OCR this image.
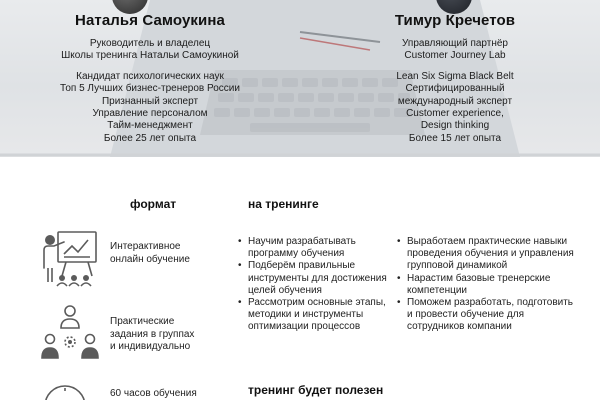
Наталья Самоукина
Руководитель и владелец
Школы тренинга Натальи Самоукиной
Кандидат психологических наук
Топ 5 Лучших бизнес-тренеров России
Признанный эксперт
Управление персоналом
Тайм-менеджмент
Более 25 лет опыта
Тимур Кречетов
Управляющий партнёр
Customer Journey Lab
Lean Six Sigma Black Belt
Сертифицированный
международный эксперт
Customer experience,
Design thinking
Более 15 лет опыта
формат	на тренинге
тренинг будет полезен
Интерактивное
онлайн обучение
Практические
задания в группах
и индивидуально
60 часов обучения
• Научим разрабатывать программу обучения
• Подберём правильные инструменты для достижения целей обучения
• Рассмотрим основные этапы, методики и инструменты оптимизации процессов
• Выработаем практические навыки проведения обучения и управления групповой динамикой
• Нарастим базовые тренерские компетенции
• Поможем разработать, подготовить и провести обучение для сотрудников компании
